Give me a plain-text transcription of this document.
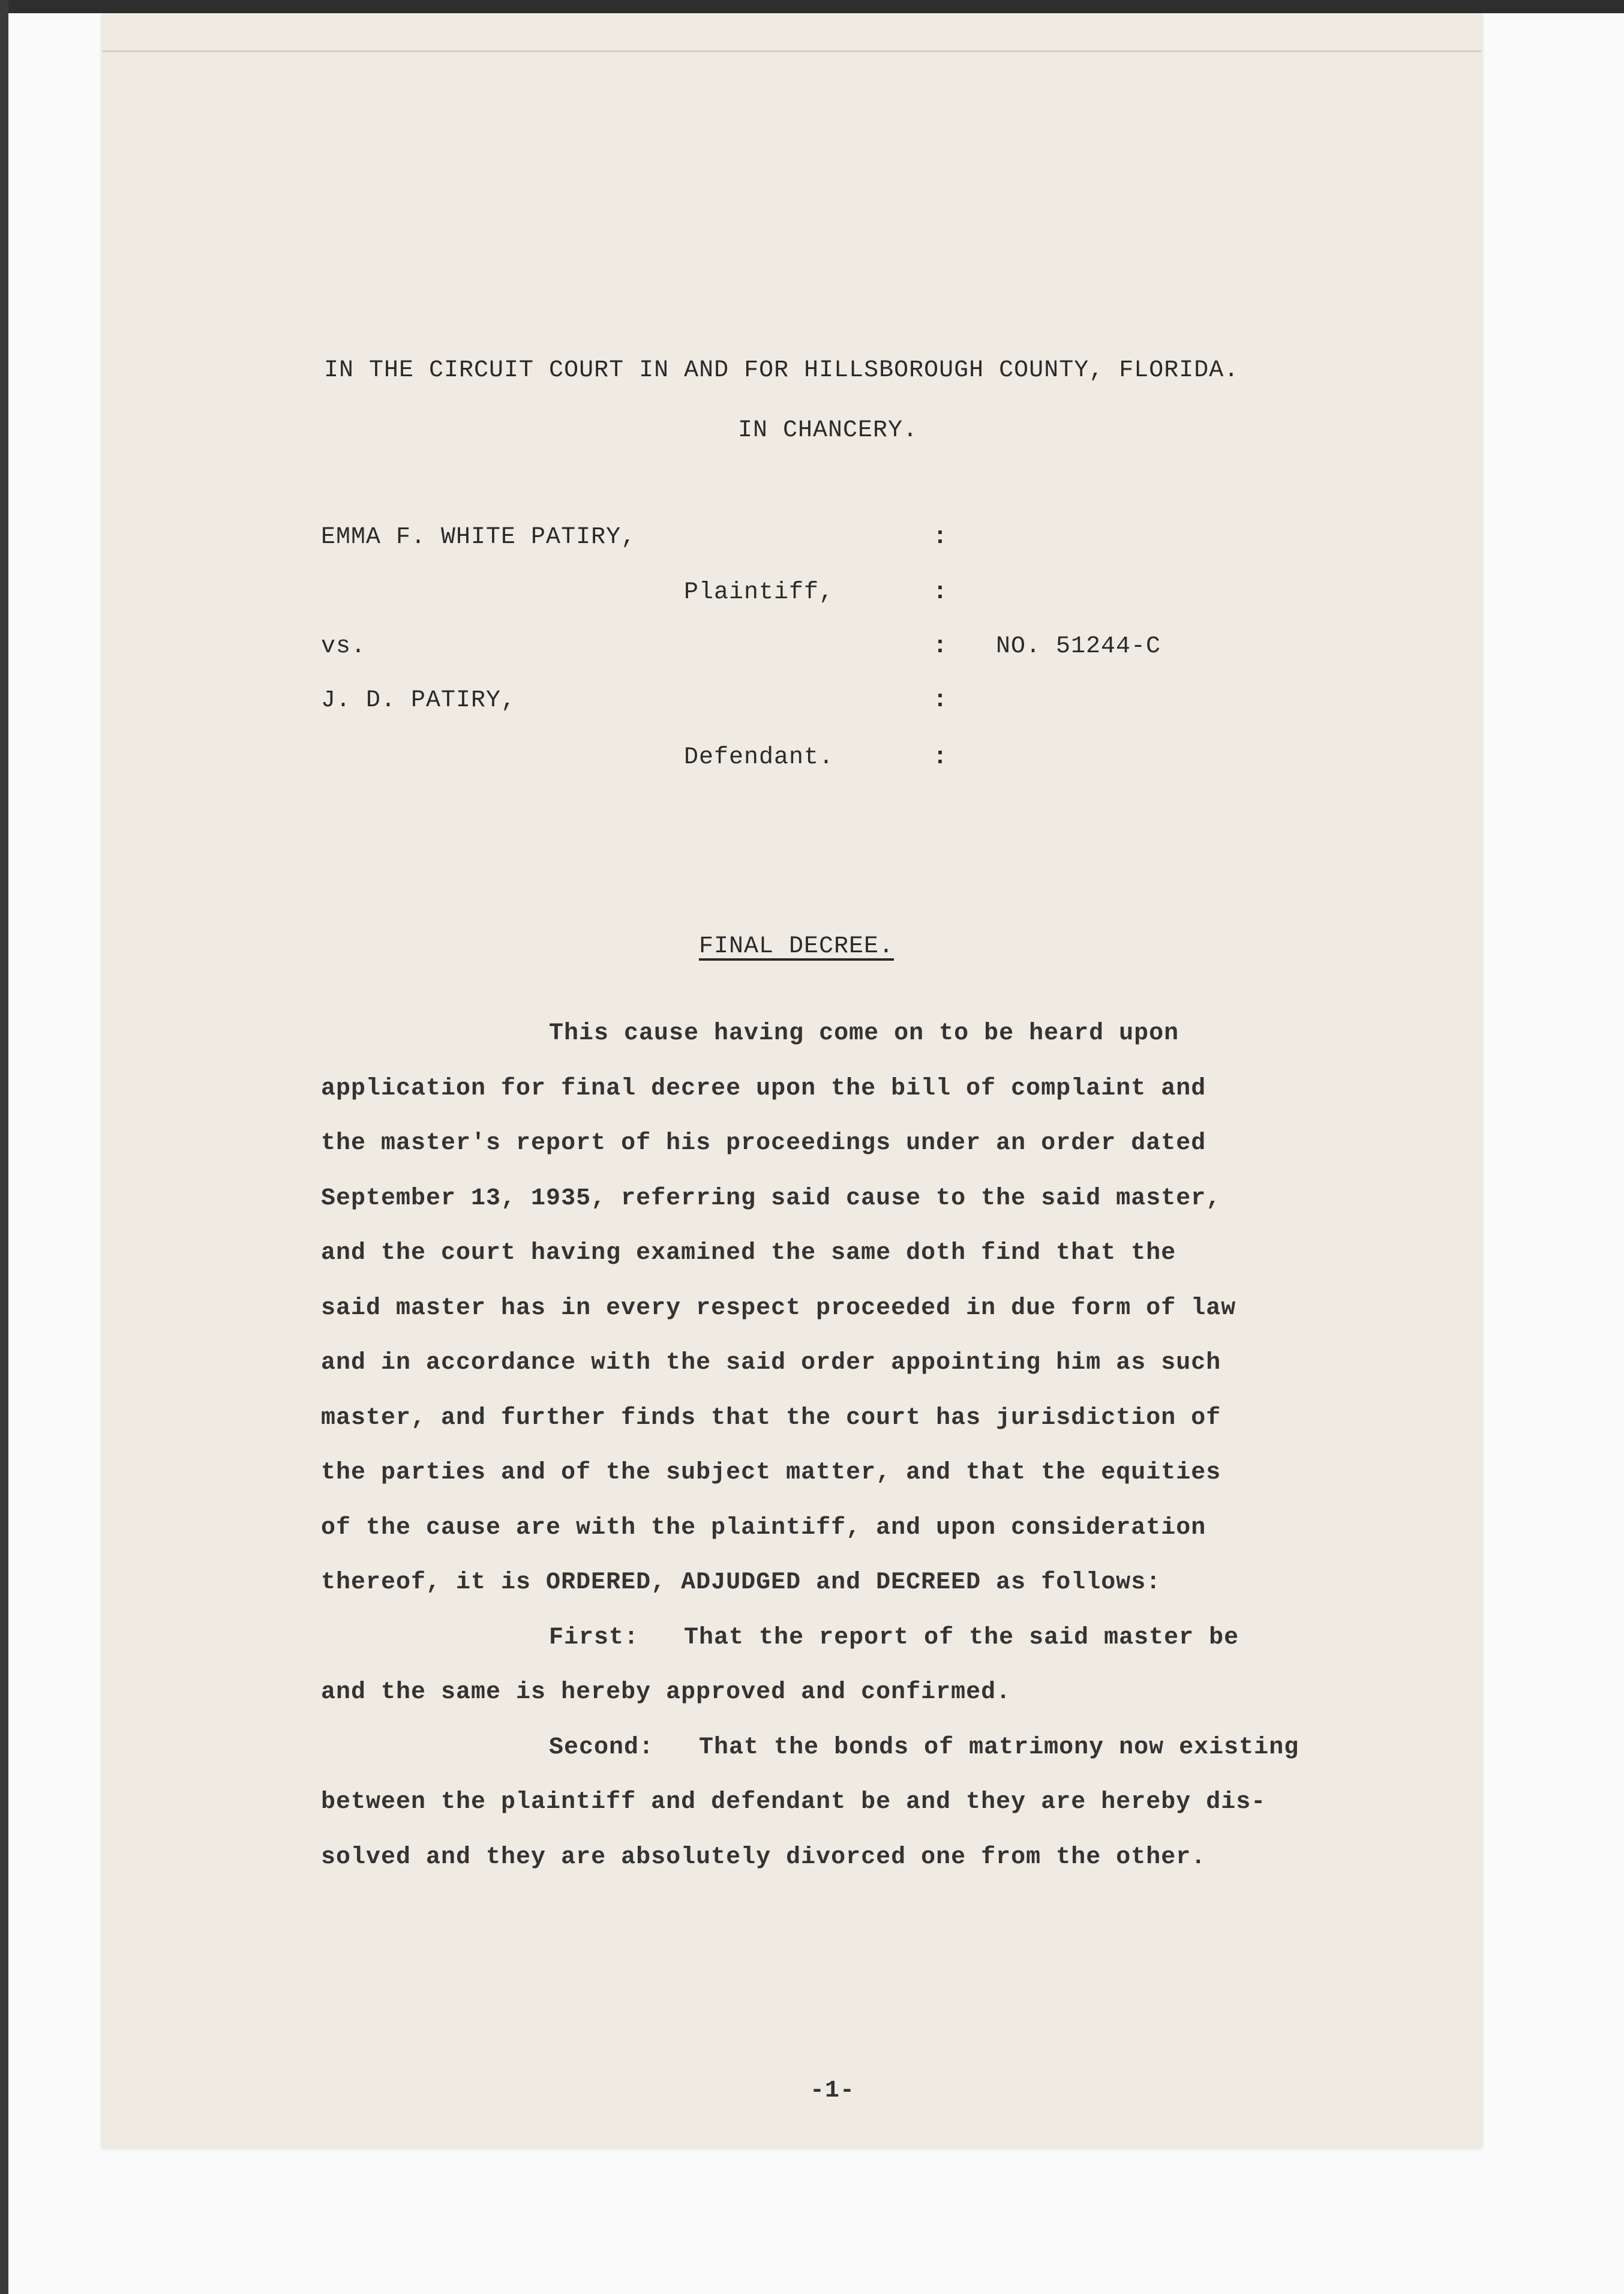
IN THE CIRCUIT COURT IN AND FOR HILLSBOROUGH COUNTY, FLORIDA.
IN CHANCERY.
EMMA F. WHITE PATIRY,
Plaintiff,
vs.
J. D. PATIRY,
Defendant.
:
:
:
:
:
NO. 51244-C
FINAL DECREE.
This cause having come on to be heard upon
application for final decree upon the bill of complaint and
the master's report of his proceedings under an order dated
September 13, 1935, referring said cause to the said master,
and the court having examined the same doth find that the
said master has in every respect proceeded in due form of law
and in accordance with the said order appointing him as such
master, and further finds that the court has jurisdiction of
the parties and of the subject matter, and that the equities
of the cause are with the plaintiff, and upon consideration
thereof, it is ORDERED, ADJUDGED and DECREED as follows:
First:   That the report of the said master be
and the same is hereby approved and confirmed.
Second:   That the bonds of matrimony now existing
between the plaintiff and defendant be and they are hereby dis-
solved and they are absolutely divorced one from the other.
-1-
